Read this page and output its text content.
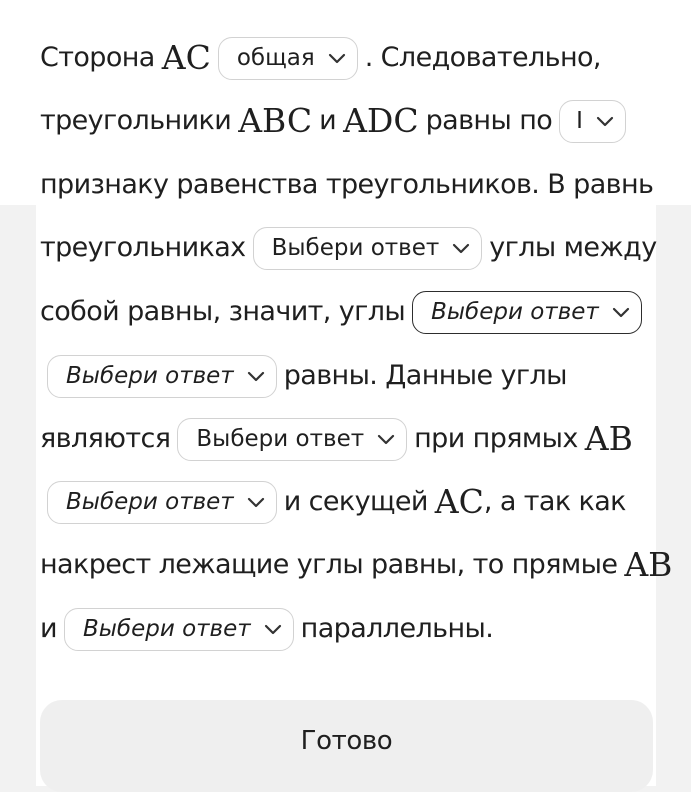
Сторона AC общая . Следовательно,
треугольники ABC и ADC равны по I
признаку равенства треугольников. В равнь
треугольниках Выбери ответ углы между
собой равны, значит, углы Выбери ответ
Выбери ответ равны. Данные углы
являются Выбери ответ при прямых AB
Выбери ответ и секущей AC , а так как
накрест лежащие углы равны, то прямые AB
и Выбери ответ параллельны.
Готово
